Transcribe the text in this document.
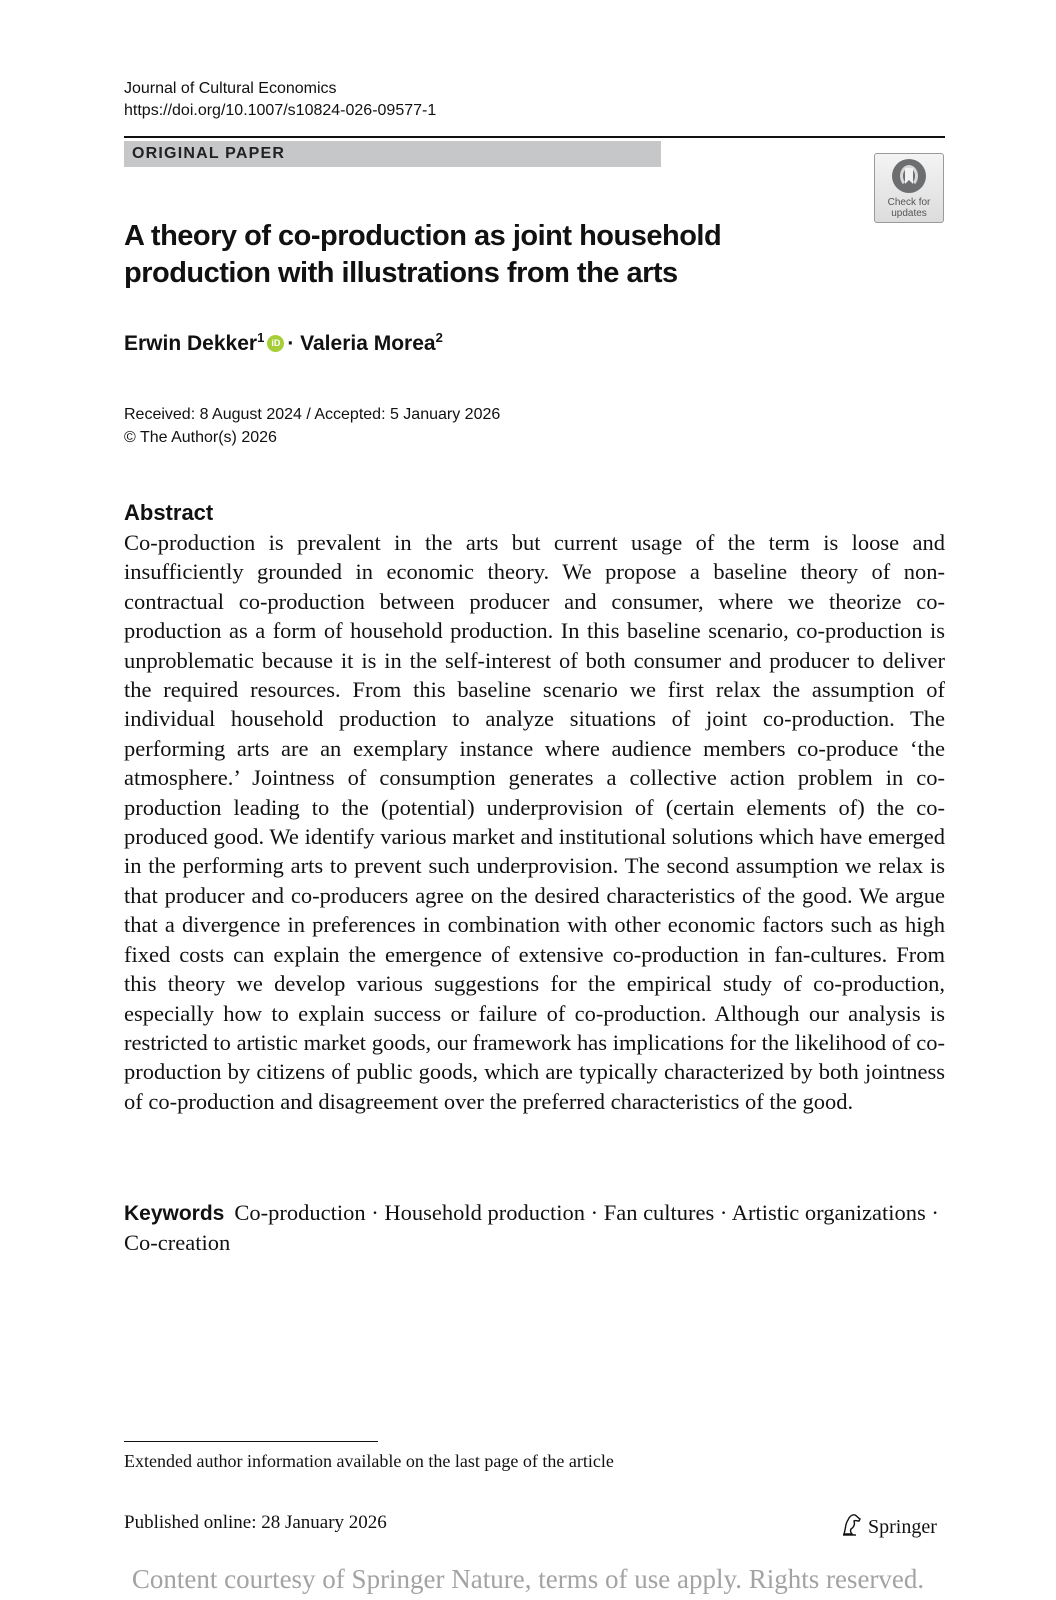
Journal of Cultural Economics
https://doi.org/10.1007/s10824-026-09577-1
ORIGINAL PAPER
Check for
updates
A theory of co-production as joint household production with illustrations from the arts
Erwin Dekker$^1$ iD · Valeria Morea$^2$
Received: 8 August 2024 / Accepted: 5 January 2026
© The Author(s) 2026
Abstract
Co-production is prevalent in the arts but current usage of the term is loose and insufficiently grounded in economic theory. We propose a baseline theory of non-contractual co-production between producer and consumer, where we theorize co-production as a form of household production. In this baseline scenario, co-production is unproblematic because it is in the self-interest of both consumer and producer to deliver the required resources. From this baseline scenario we first relax the assumption of individual household production to analyze situations of joint co-production. The performing arts are an exemplary instance where audience members co-produce ‘the atmosphere.’ Jointness of consumption generates a collective action problem in co-production leading to the (potential) underprovision of (certain elements of) the co-produced good. We identify various market and institutional solutions which have emerged in the performing arts to prevent such underprovision. The second assumption we relax is that producer and co-producers agree on the desired characteristics of the good. We argue that a divergence in preferences in combination with other economic factors such as high fixed costs can explain the emergence of extensive co-production in fan-cultures. From this theory we develop various suggestions for the empirical study of co-production, especially how to explain success or failure of co-production. Although our analysis is restricted to artistic market goods, our framework has implications for the likelihood of co-production by citizens of public goods, which are typically characterized by both jointness of co-production and disagreement over the preferred characteristics of the good.
Keywords Co-production · Household production · Fan cultures · Artistic organizations · Co-creation
Extended author information available on the last page of the article
Published online: 28 January 2026	Springer
Content courtesy of Springer Nature, terms of use apply. Rights reserved.
